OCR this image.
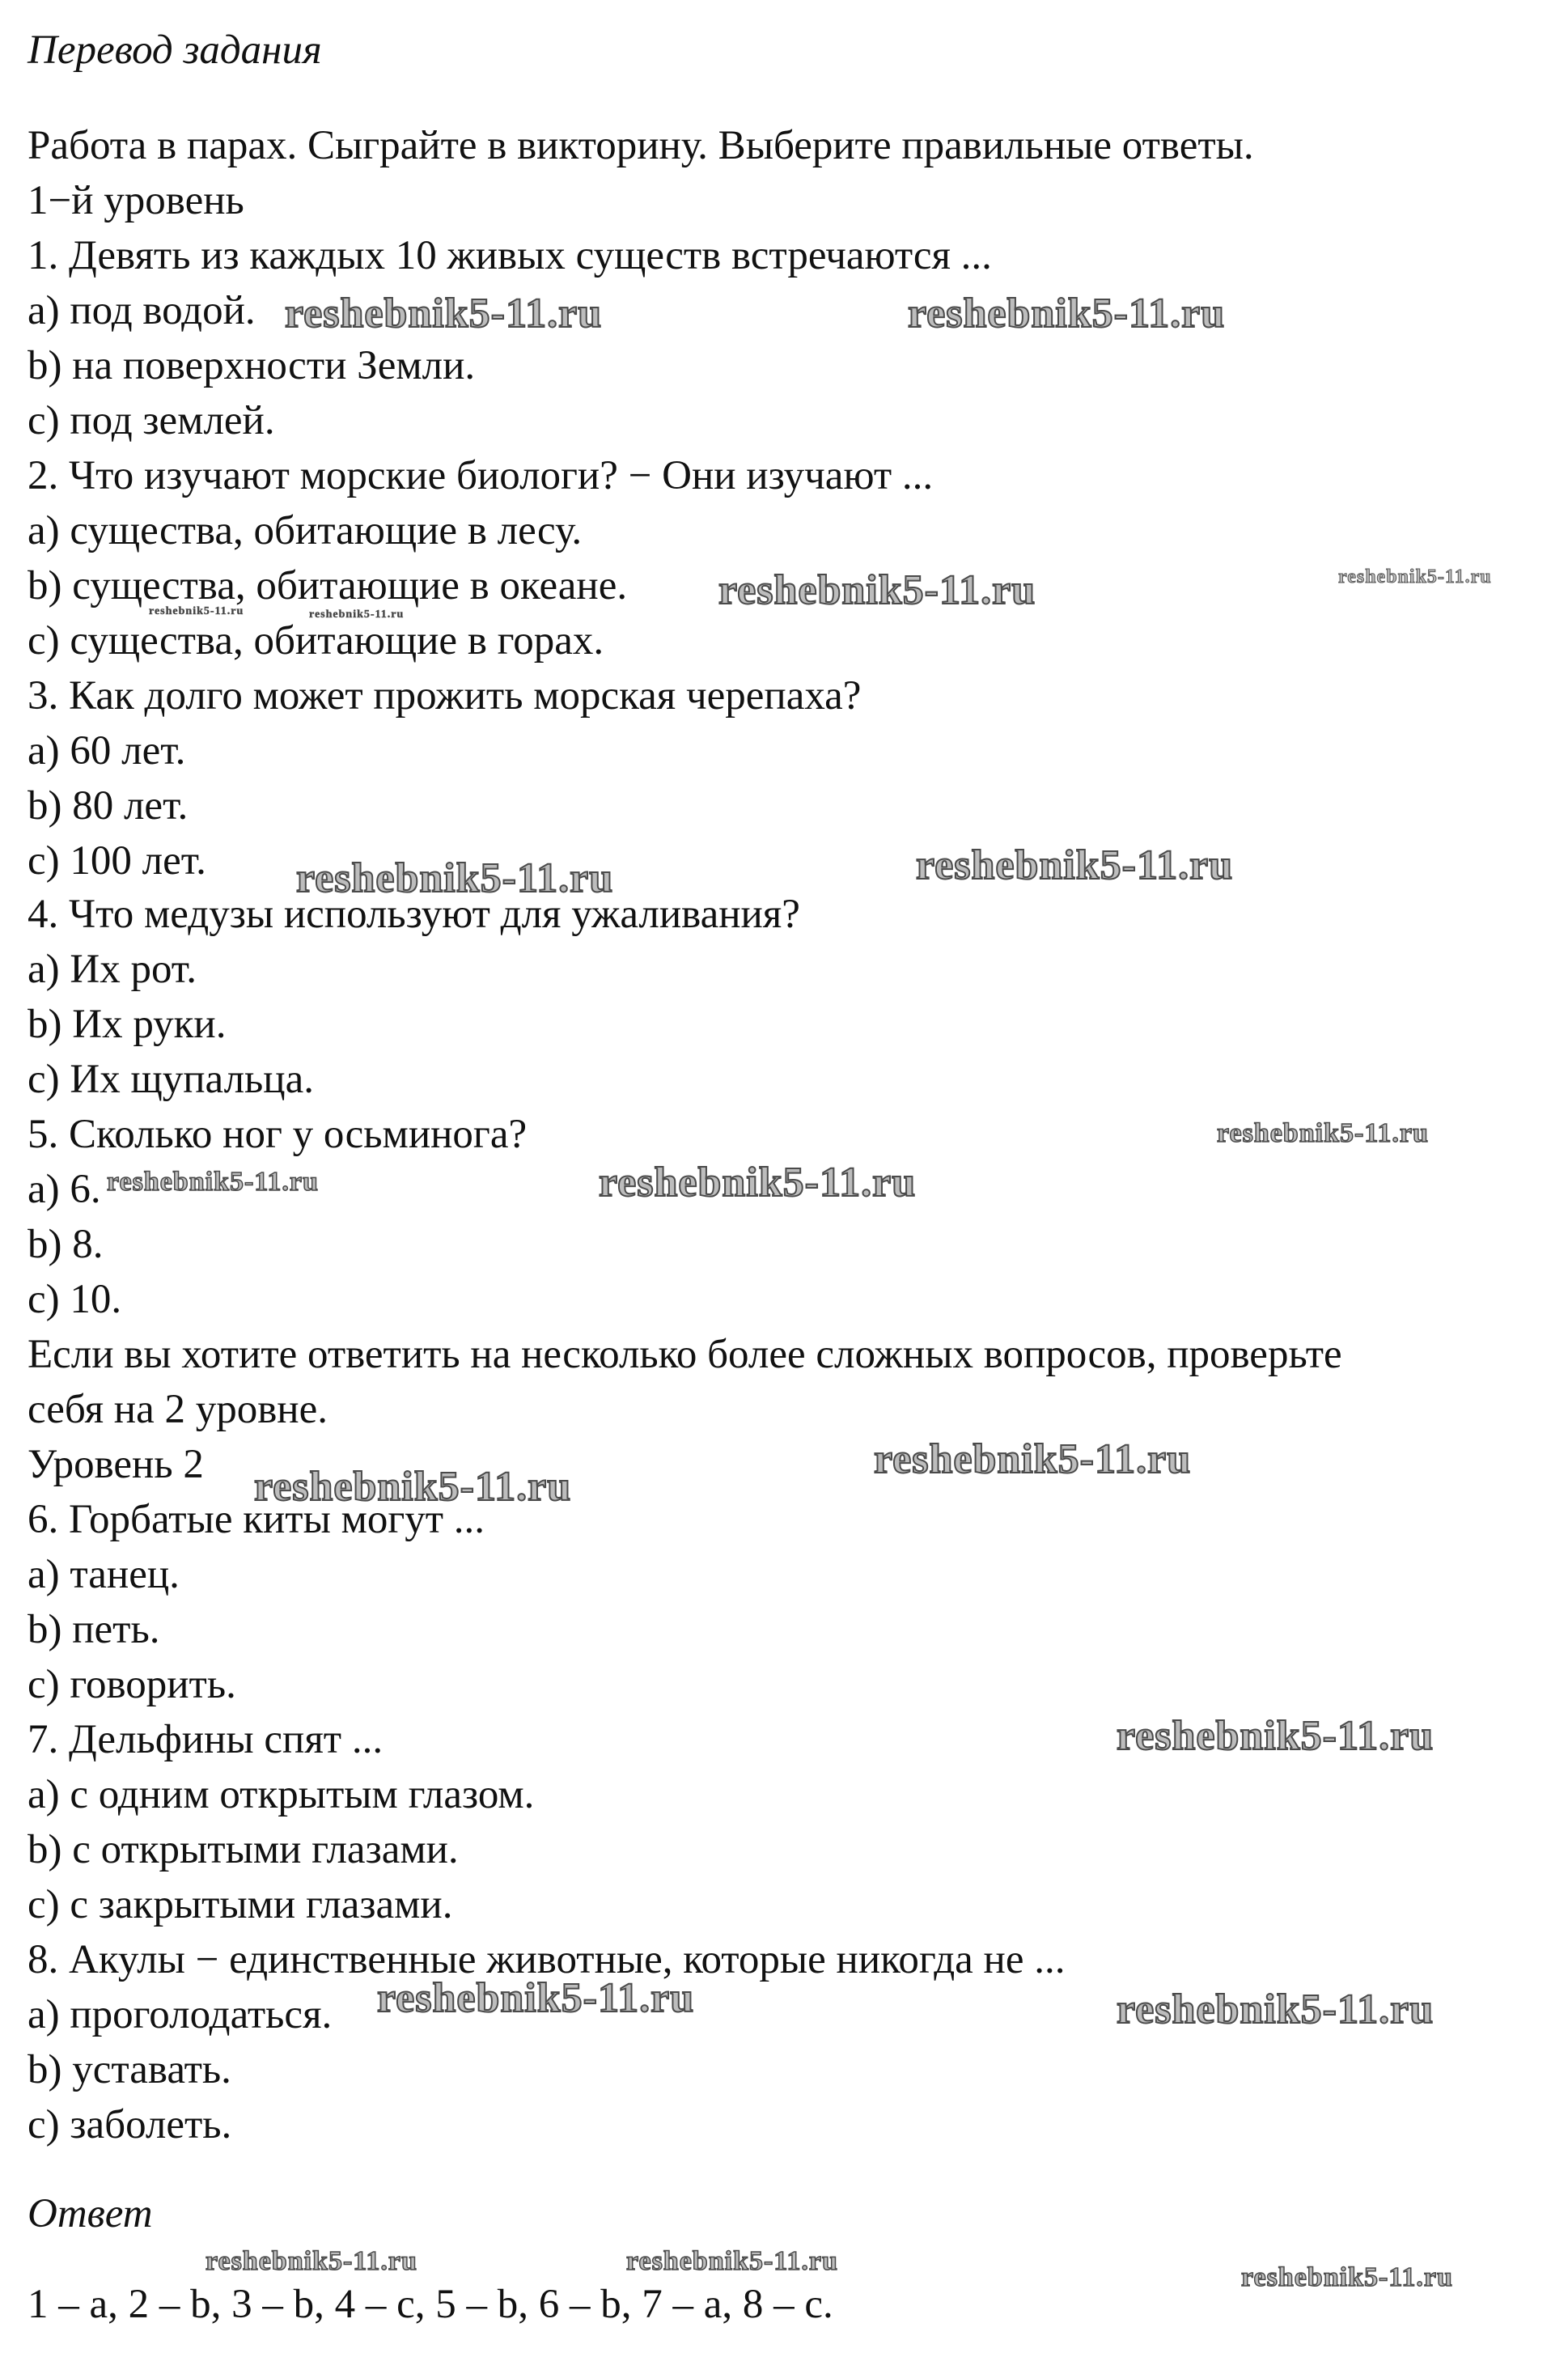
Перевод задания
Работа в парах. Сыграйте в викторину. Выберите правильные ответы.
1−й уровень
1. Девять из каждых 10 живых существ встречаются ...
a) под водой.
b) на поверхности Земли.
c) под землей.
2. Что изучают морские биологи? − Они изучают ...
a) существа, обитающие в лесу.
b) существа, обитающие в океане.
c) существа, обитающие в горах.
3. Как долго может прожить морская черепаха?
a) 60 лет.
b) 80 лет.
c) 100 лет.
4. Что медузы используют для ужаливания?
a) Их рот.
b) Их руки.
c) Их щупальца.
5. Сколько ног у осьминога?
a) 6.
b) 8.
c) 10.
Если вы хотите ответить на несколько более сложных вопросов, проверьте
себя на 2 уровне.
Уровень 2
6. Горбатые киты могут ...
a) танец.
b) петь.
c) говорить.
7. Дельфины спят ...
a) с одним открытым глазом.
b) с открытыми глазами.
c) с закрытыми глазами.
8. Акулы − единственные животные, которые никогда не ...
a) проголодаться.
b) уставать.
c) заболеть.
Ответ
1 – a, 2 – b, 3 – b, 4 – c, 5 – b, 6 – b, 7 – a, 8 – c.
reshebnik5-11.ru	reshebnik5-11.ru
reshebnik5-11.ru	reshebnik5-11.ru
reshebnik5-11.ru	reshebnik5-11.ru
reshebnik5-11.ru
reshebnik5-11.ru
reshebnik5-11.ru
reshebnik5-11.ru
reshebnik5-11.ru
reshebnik5-11.ru
reshebnik5-11.ru
reshebnik5-11.ru
reshebnik5-11.ru	reshebnik5-11.ru
reshebnik5-11.ru	reshebnik5-11.ru
reshebnik5-11.ru
